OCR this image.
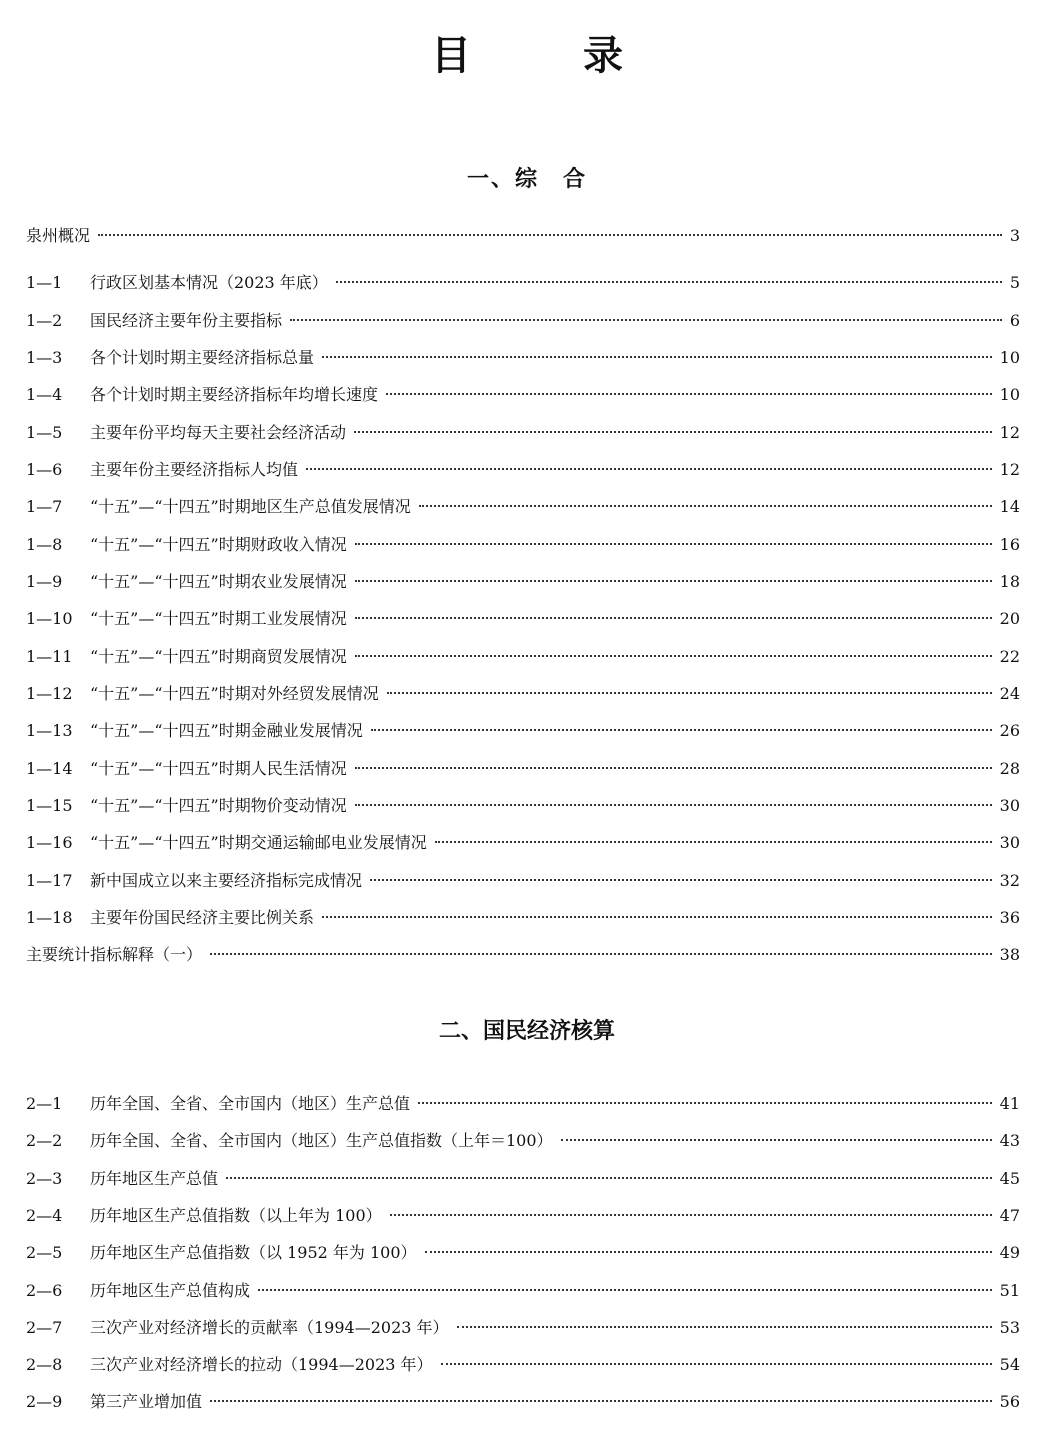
目　录
一、综　合
二、国民经济核算
泉州概况	3
1—1	行政区划基本情况（2023 年底）	5
1—2	国民经济主要年份主要指标	6
1—3	各个计划时期主要经济指标总量	10
1—4	各个计划时期主要经济指标年均增长速度	10
1—5	主要年份平均每天主要社会经济活动	12
1—6	主要年份主要经济指标人均值	12
1—7	“十五”—“十四五”时期地区生产总值发展情况	14
1—8	“十五”—“十四五”时期财政收入情况	16
1—9	“十五”—“十四五”时期农业发展情况	18
1—10	“十五”—“十四五”时期工业发展情况	20
1—11	“十五”—“十四五”时期商贸发展情况	22
1—12	“十五”—“十四五”时期对外经贸发展情况	24
1—13	“十五”—“十四五”时期金融业发展情况	26
1—14	“十五”—“十四五”时期人民生活情况	28
1—15	“十五”—“十四五”时期物价变动情况	30
1—16	“十五”—“十四五”时期交通运输邮电业发展情况	30
1—17	新中国成立以来主要经济指标完成情况	32
1—18	主要年份国民经济主要比例关系	36
主要统计指标解释（一）	38
2—1	历年全国、全省、全市国内（地区）生产总值	41
2—2	历年全国、全省、全市国内（地区）生产总值指数（上年＝100）	43
2—3	历年地区生产总值	45
2—4	历年地区生产总值指数（以上年为 100）	47
2—5	历年地区生产总值指数（以 1952 年为 100）	49
2—6	历年地区生产总值构成	51
2—7	三次产业对经济增长的贡献率（1994—2023 年）	53
2—8	三次产业对经济增长的拉动（1994—2023 年）	54
2—9	第三产业增加值	56
